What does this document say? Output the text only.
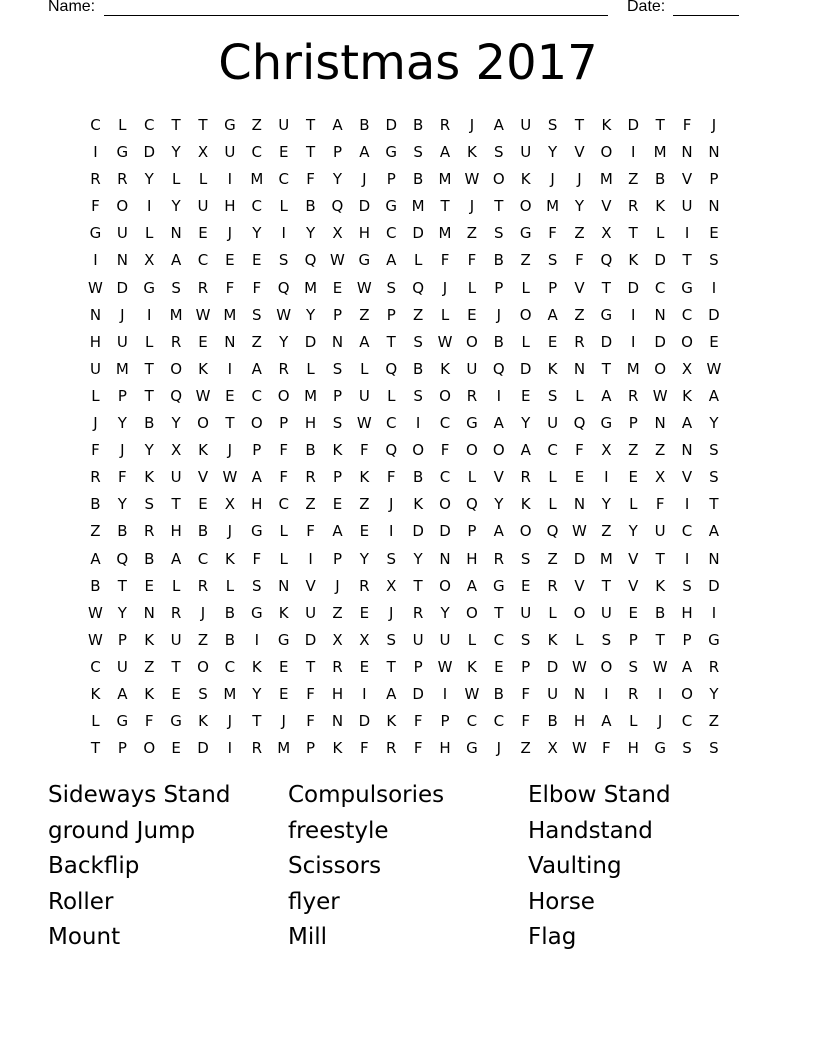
Name:	Date:
Christmas 2017
C	L	C	T	T	G	Z	U	T	A	B	D	B	R	J	A	U	S	T	K	D	T	F	J
I	G	D	Y	X	U	C	E	T	P	A	G	S	A	K	S	U	Y	V	O	I	M N	N
R	R	Y	L	L	I	M	C	F	Y	J	P	B	M W O	K	J	J	M	Z	B	V	P
F	O	I	Y	U	H	C	L	B	Q	D	G M	T	J	T	O M	Y	V	R	K	U	N
G	U	L	N	E	J	Y	I	Y	X	H	C	D M	Z	S	G	F	Z	X	T	L	I	E
I	N	X	A	C	E	E	S	Q W G	A	L	F	F	B	Z	S	F	Q	K	D	T	S
W D	G	S	R	F	F	Q M	E W S	Q	J	L	P	L	P	V	T	D	C	G	I
N	J	I	M W M	S W Y	P	Z	P	Z	L	E	J	O	A	Z	G	I	N	C	D
H	U	L	R	E	N	Z	Y	D	N	A	T	S W O	B	L	E	R	D	I	D	O	E
U M	T	O	K	I	A	R	L	S	L	Q	B	K	U	Q	D	K	N	T	M O	X W
L	P	T	Q W E	C	O M	P	U	L	S	O	R	I	E	S	L	A	R W K	A
J	Y	B	Y	O	T	O	P	H	S W C	I	C	G	A	Y	U	Q	G	P	N	A	Y
F	J	Y	X	K	J	P	F	B	K	F	Q	O	F	O	O	A	C	F	X	Z	Z	N	S
R	F	K	U	V W A	F	R	P	K	F	B	C	L	V	R	L	E	I	E	X	V	S
B	Y	S	T	E	X	H	C	Z	E	Z	J	K	O	Q	Y	K	L	N	Y	L	F	I	T
Z	B	R	H	B	J	G	L	F	A	E	I	D	D	P	A	O	Q W Z	Y	U	C	A
A	Q	B	A	C	K	F	L	I	P	Y	S	Y	N	H	R	S	Z	D M	V	T	I	N
B	T	E	L	R	L	S	N	V	J	R	X	T	O	A	G	E	R	V	T	V	K	S	D
W Y	N	R	J	B	G	K	U	Z	E	J	R	Y	O	T	U	L	O	U	E	B	H	I
W P	K	U	Z	B	I	G	D	X	X	S	U	U	L	C	S	K	L	S	P	T	P	G
C	U	Z	T	O	C	K	E	T	R	E	T	P W K	E	P	D W O	S W A	R
K	A	K	E	S	M	Y	E	F	H	I	A	D	I	W B	F	U	N	I	R	I	O	Y
L	G	F	G	K	J	T	J	F	N	D	K	F	P	C	C	F	B	H	A	L	J	C	Z
T	P	O	E	D	I	R	M	P	K	F	R	F	H	G	J	Z	X W	F	H	G	S	S
Sideways Stand	Compulsories	Elbow Stand
ground Jump	freestyle	Handstand
Backflip	Scissors	Vaulting
Roller	flyer	Horse
Mount	Mill	Flag
